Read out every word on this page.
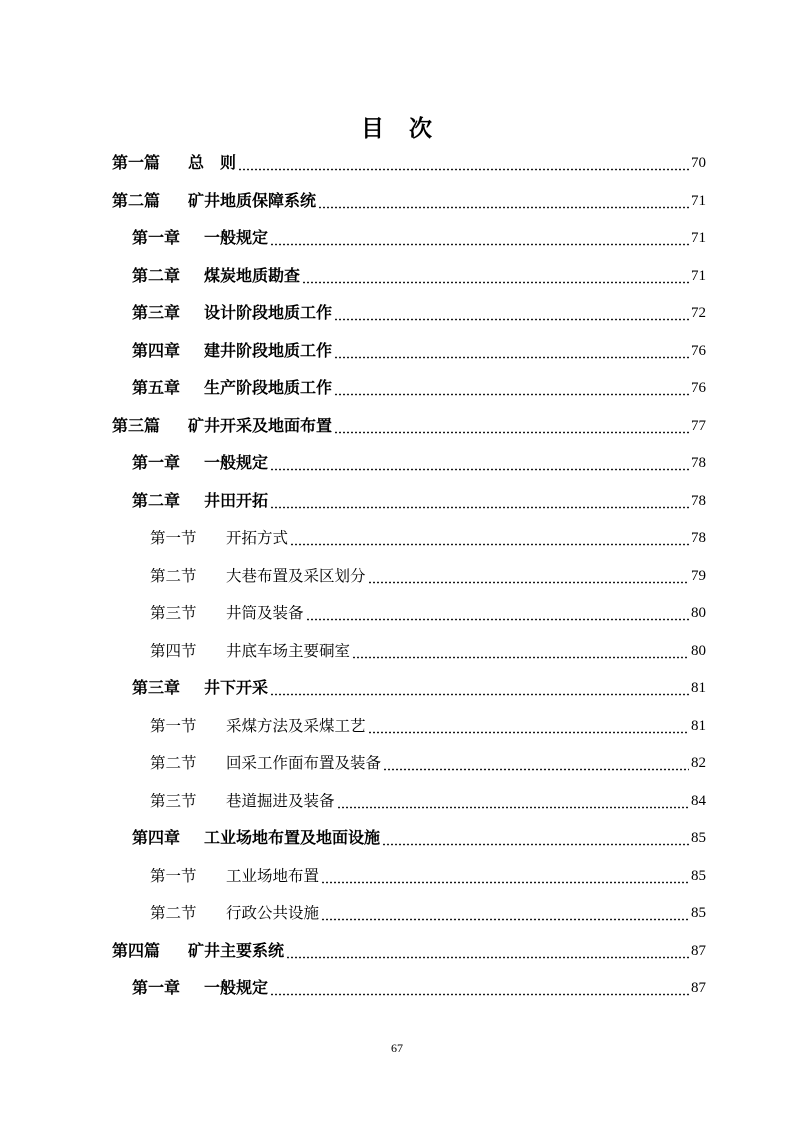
目　次
第一篇	总　则	70
第二篇	矿井地质保障系统	71
第一章	一般规定	71
第二章	煤炭地质勘查	71
第三章	设计阶段地质工作	72
第四章	建井阶段地质工作	76
第五章	生产阶段地质工作	76
第三篇	矿井开采及地面布置	77
第一章	一般规定	78
第二章	井田开拓	78
第一节	开拓方式	78
第二节	大巷布置及采区划分	79
第三节	井筒及装备	80
第四节	井底车场主要硐室	80
第三章	井下开采	81
第一节	采煤方法及采煤工艺	81
第二节	回采工作面布置及装备	82
第三节	巷道掘进及装备	84
第四章	工业场地布置及地面设施	85
第一节	工业场地布置	85
第二节	行政公共设施	85
第四篇	矿井主要系统	87
第一章	一般规定	87
67
